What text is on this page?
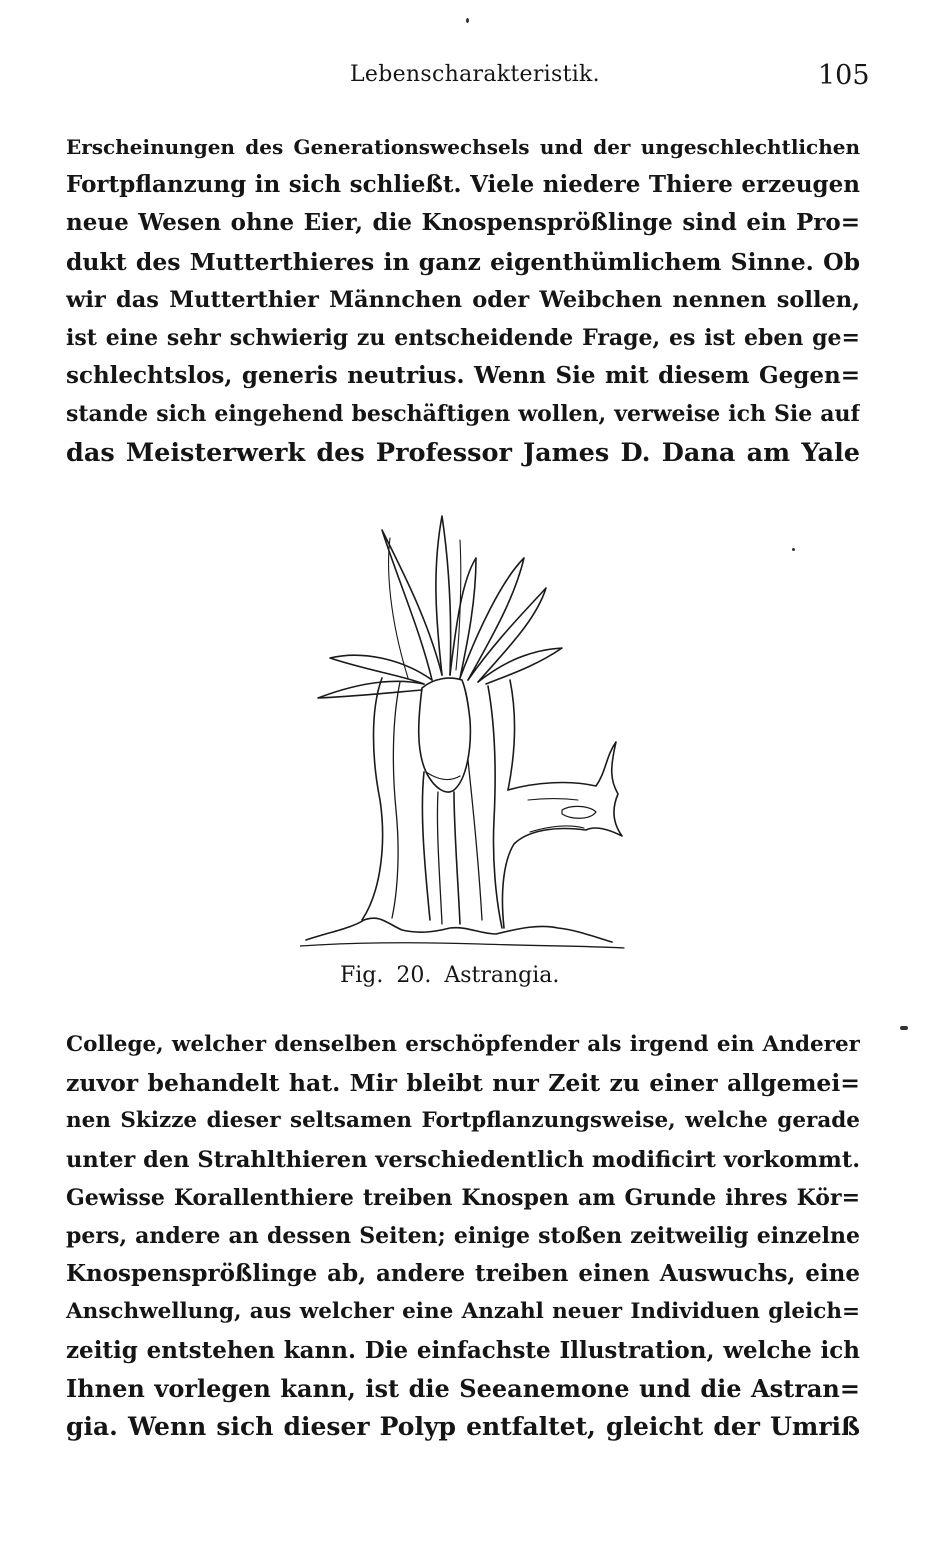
Lebenscharakteristik.	105
Erscheinungen des Generationswechsels und der ungeschlechtlichen
Fortpflanzung in sich schließt. Viele niedere Thiere erzeugen
neue Wesen ohne Eier, die Knospensprößlinge sind ein Pro=
dukt des Mutterthieres in ganz eigenthümlichem Sinne. Ob
wir das Mutterthier Männchen oder Weibchen nennen sollen,
ist eine sehr schwierig zu entscheidende Frage, es ist eben ge=
schlechtslos, generis neutrius. Wenn Sie mit diesem Gegen=
stande sich eingehend beschäftigen wollen, verweise ich Sie auf
das Meisterwerk des Professor James D. Dana am Yale
Fig. 20. Astrangia.
College, welcher denselben erschöpfender als irgend ein Anderer
zuvor behandelt hat. Mir bleibt nur Zeit zu einer allgemei=
nen Skizze dieser seltsamen Fortpflanzungsweise, welche gerade
unter den Strahlthieren verschiedentlich modificirt vorkommt.
Gewisse Korallenthiere treiben Knospen am Grunde ihres Kör=
pers, andere an dessen Seiten; einige stoßen zeitweilig einzelne
Knospensprößlinge ab, andere treiben einen Auswuchs, eine
Anschwellung, aus welcher eine Anzahl neuer Individuen gleich=
zeitig entstehen kann. Die einfachste Illustration, welche ich
Ihnen vorlegen kann, ist die Seeanemone und die Astran=
gia. Wenn sich dieser Polyp entfaltet, gleicht der Umriß
